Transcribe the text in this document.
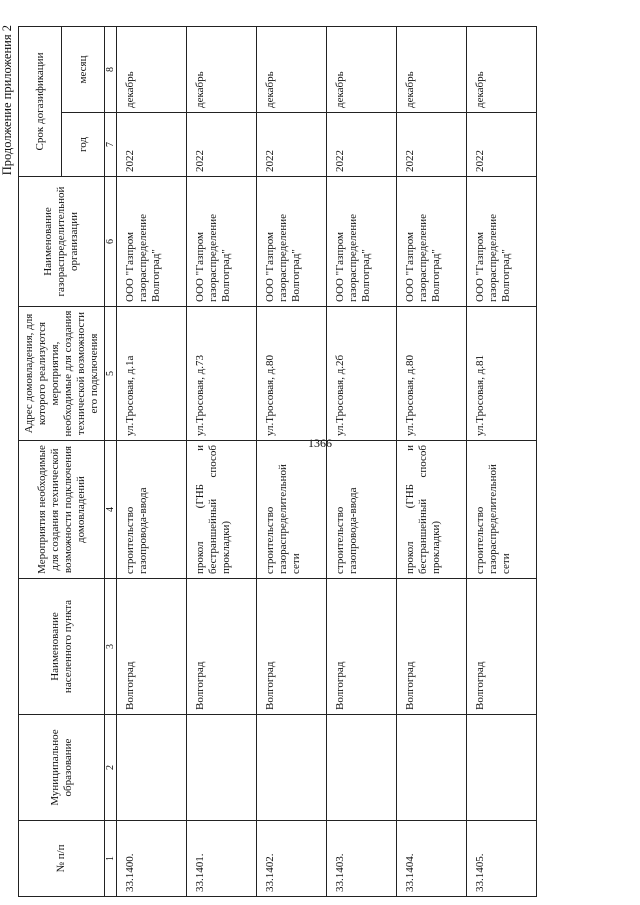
1366
Продолжение приложения 2
№ п/п	Муниципальное образование	Наименование населенного пункта	Мероприятия необходимые для создания технической возможности подключения домовладений	Адрес домовладения, для которого реализуются мероприятия, необходимые для создания технической возможности его подключения	Наименование газораспределительной организации	Срок догазификации	
						год	месяц
1	2	3	4	5	6	7	8
33.1400.		Волгоград	строительство газопровода-ввода	ул.Тросовая, д.1а	ООО "Газпром газораспределение Волгоград"	2022	декабрь
33.1401.		Волгоград	прокол (ГНБ и бестраншейный способ прокладки)	ул.Тросовая, д.73	ООО "Газпром газораспределение Волгоград"	2022	декабрь
33.1402.		Волгоград	строительство газораспределительной сети	ул.Тросовая, д.80	ООО "Газпром газораспределение Волгоград"	2022	декабрь
33.1403.		Волгоград	строительство газопровода-ввода	ул.Тросовая, д.2б	ООО "Газпром газораспределение Волгоград"	2022	декабрь
33.1404.		Волгоград	прокол (ГНБ и бестраншейный способ прокладки)	ул.Тросовая, д.80	ООО "Газпром газораспределение Волгоград"	2022	декабрь
33.1405.		Волгоград	строительство газораспределительной сети	ул.Тросовая, д.81	ООО "Газпром газораспределение Волгоград"	2022	декабрь
